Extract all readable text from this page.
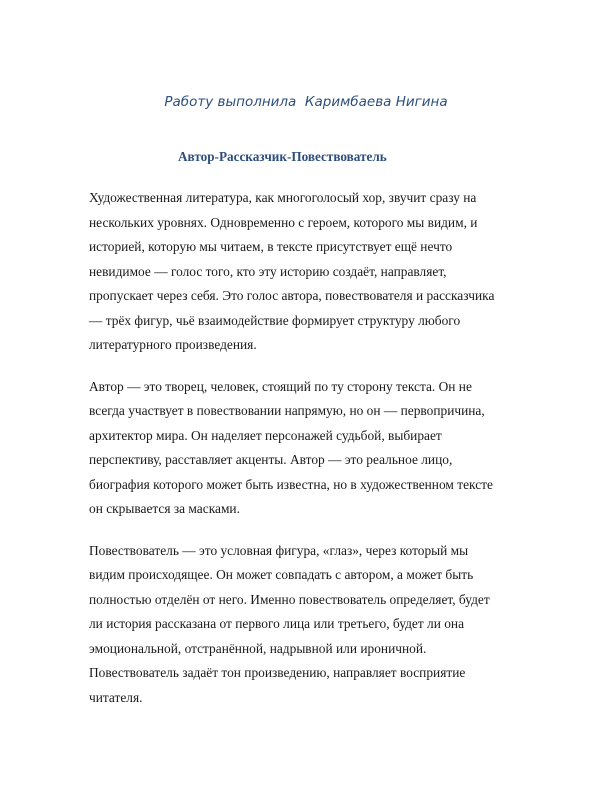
Работу выполнила  Каримбаева Нигина
Автор-Рассказчик-Повествователь

Художественная литература, как многоголосый хор, звучит сразу на
нескольких уровнях. Одновременно с героем, которого мы видим, и
историей, которую мы читаем, в тексте присутствует ещё нечто
невидимое — голос того, кто эту историю создаёт, направляет,
пропускает через себя. Это голос автора, повествователя и рассказчика
— трёх фигур, чьё взаимодействие формирует структуру любого
литературного произведения.

Автор — это творец, человек, стоящий по ту сторону текста. Он не
всегда участвует в повествовании напрямую, но он — первопричина,
архитектор мира. Он наделяет персонажей судьбой, выбирает
перспективу, расставляет акценты. Автор — это реальное лицо,
биография которого может быть известна, но в художественном тексте
он скрывается за масками.

Повествователь — это условная фигура, «глаз», через который мы
видим происходящее. Он может совпадать с автором, а может быть
полностью отделён от него. Именно повествователь определяет, будет
ли история рассказана от первого лица или третьего, будет ли она
эмоциональной, отстранённой, надрывной или ироничной.
Повествователь задаёт тон произведению, направляет восприятие
читателя.
